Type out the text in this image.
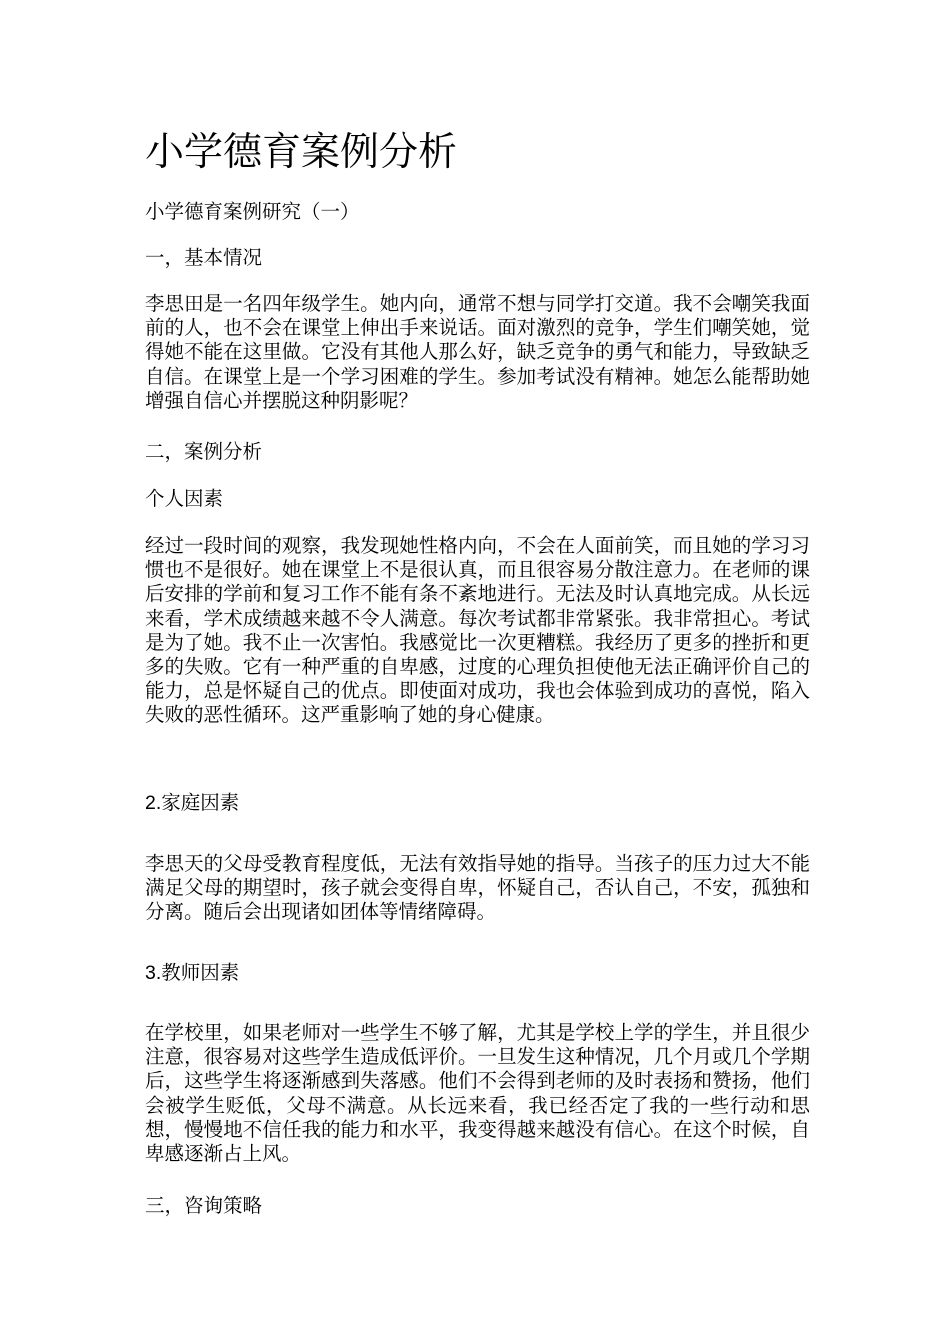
小学德育案例分析

小学德育案例研究（一）

一，基本情况

李思田是一名四年级学生。她内向，通常不想与同学打交道。我不会嘲笑我面前的人，也不会在课堂上伸出手来说话。面对激烈的竞争，学生们嘲笑她，觉得她不能在这里做。它没有其他人那么好，缺乏竞争的勇气和能力，导致缺乏自信。在课堂上是一个学习困难的学生。参加考试没有精神。她怎么能帮助她增强自信心并摆脱这种阴影呢？

二，案例分析

个人因素

经过一段时间的观察，我发现她性格内向，不会在人面前笑，而且她的学习习惯也不是很好。她在课堂上不是很认真，而且很容易分散注意力。在老师的课后安排的学前和复习工作不能有条不紊地进行。无法及时认真地完成。从长远来看，学术成绩越来越不令人满意。每次考试都非常紧张。我非常担心。考试是为了她。我不止一次害怕。我感觉比一次更糟糕。我经历了更多的挫折和更多的失败。它有一种严重的自卑感，过度的心理负担使他无法正确评价自己的能力，总是怀疑自己的优点。即使面对成功，我也会体验到成功的喜悦，陷入失败的恶性循环。这严重影响了她的身心健康。

2.家庭因素

李思天的父母受教育程度低，无法有效指导她的指导。当孩子的压力过大不能满足父母的期望时，孩子就会变得自卑，怀疑自己，否认自己，不安，孤独和分离。随后会出现诸如团体等情绪障碍。

3.教师因素

在学校里，如果老师对一些学生不够了解，尤其是学校上学的学生，并且很少注意，很容易对这些学生造成低评价。一旦发生这种情况，几个月或几个学期后，这些学生将逐渐感到失落感。他们不会得到老师的及时表扬和赞扬，他们会被学生贬低，父母不满意。从长远来看，我已经否定了我的一些行动和思想，慢慢地不信任我的能力和水平，我变得越来越没有信心。在这个时候，自卑感逐渐占上风。

三，咨询策略
